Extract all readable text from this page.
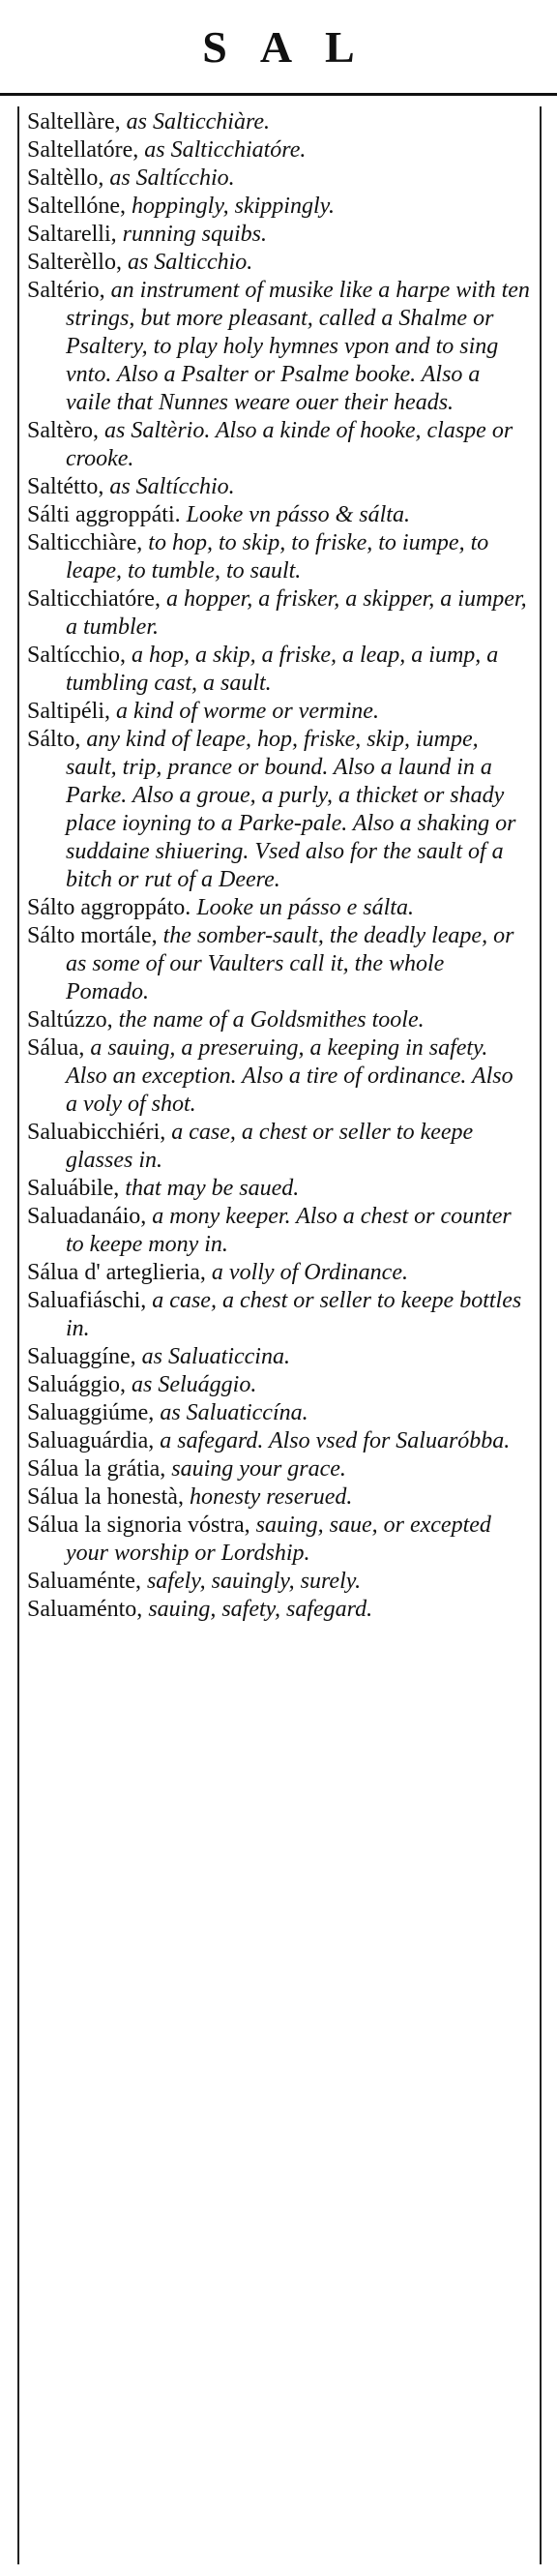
SAL

Saltellàre, as Salticchiàre.

Saltellatóre, as Salticchiatóre.

Saltèllo, as Saltícchio.

Saltellóne, hoppingly, skippingly.

Saltarelli, running squibs.

Salterèllo, as Salticchio.

Saltério, an instrument of musike like a harpe with ten strings, but more pleasant, called a Shalme or Psaltery, to play holy hymnes vpon and to sing vnto. Also a Psalter or Psalme booke. Also a vaile that Nunnes weare ouer their heads.

Saltèro, as Saltèrio. Also a kinde of hooke, claspe or crooke.

Saltétto, as Saltícchio.

Sálti aggroppáti. Looke vn pásso & sálta.

Salticchiàre, to hop, to skip, to friske, to iumpe, to leape, to tumble, to sault.

Salticchiatóre, a hopper, a frisker, a skipper, a iumper, a tumbler.

Saltícchio, a hop, a skip, a friske, a leap, a iump, a tumbling cast, a sault.

Saltipéli, a kind of worme or vermine.

Sálto, any kind of leape, hop, friske, skip, iumpe, sault, trip, prance or bound. Also a laund in a Parke. Also a groue, a purly, a thicket or shady place ioyning to a Parke-pale. Also a shaking or suddaine shiuering. Vsed also for the sault of a bitch or rut of a Deere.

Sálto aggroppáto. Looke un pásso e sálta.

Sálto mortále, the somber-sault, the deadly leape, or as some of our Vaulters call it, the whole Pomado.

Saltúzzo, the name of a Goldsmithes toole.

Sálua, a sauing, a preseruing, a keeping in safety. Also an exception. Also a tire of ordinance. Also a voly of shot.

Saluabicchiéri, a case, a chest or seller to keepe glasses in.

Saluábile, that may be saued.

Saluadanáio, a mony keeper. Also a chest or counter to keepe mony in.

Sálua d' arteglieria, a volly of Ordinance.

Saluafiáschi, a case, a chest or seller to keepe bottles in.

Saluaggíne, as Saluaticcina.

Saluággio, as Seluággio.

Saluaggiúme, as Saluaticcína.

Saluaguárdia, a safegard. Also vsed for Saluaróbba.

Sálua la grátia, sauing your grace.

Sálua la honestà, honesty reserued.

Sálua la signoria vóstra, sauing, saue, or excepted your worship or Lordship.

Saluaménte, safely, sauingly, surely.

Saluaménto, sauing, safety, safegard.
